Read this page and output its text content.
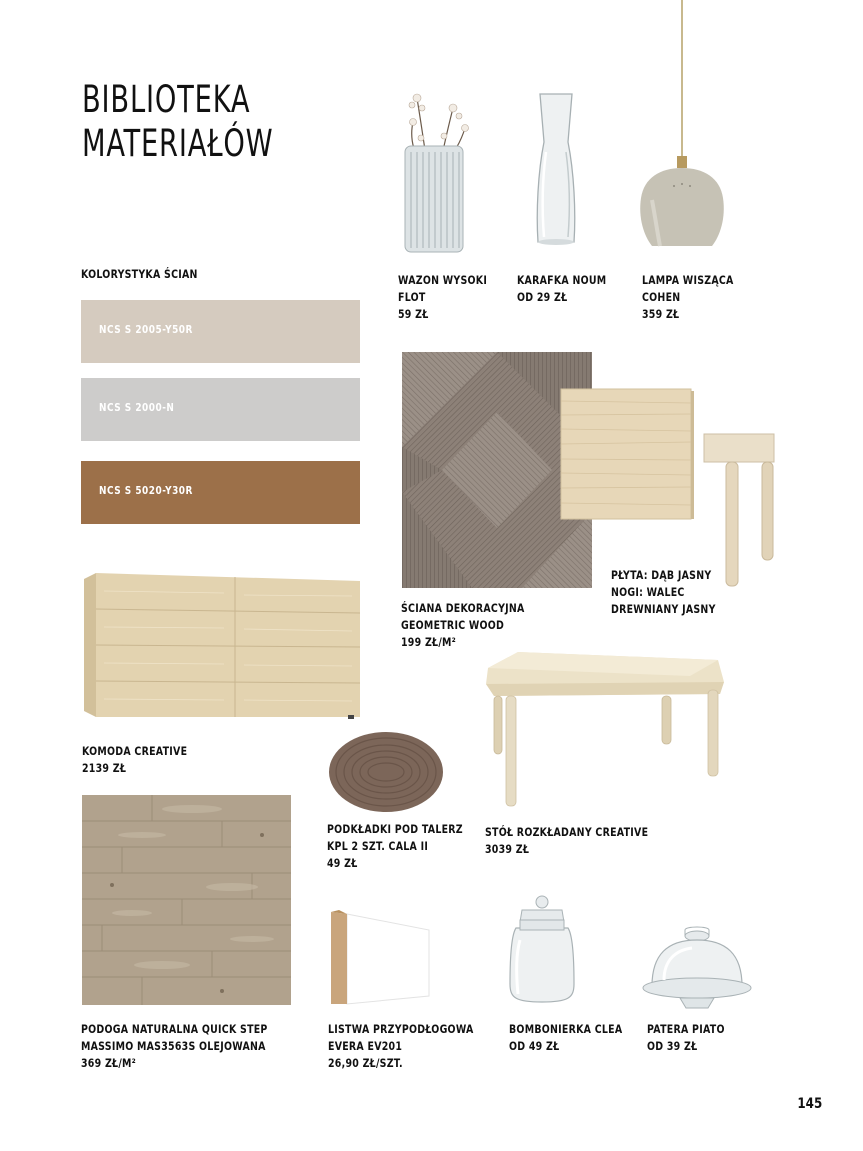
BIBLIOTEKA
MATERIAŁÓW
KOLORYSTYKA ŚCIAN
NCS S 2005-Y50R
NCS S 2000-N
NCS S 5020-Y30R
WAZON WYSOKI
FLOT
59 ZŁ
KARAFKA NOUM
OD 29 ZŁ
LAMPA WISZĄCA
COHEN
359 ZŁ
ŚCIANA DEKORACYJNA
GEOMETRIC WOOD
199 ZŁ/M²
PŁYTA: DĄB JASNY
NOGI: WALEC
DREWNIANY JASNY
KOMODA CREATIVE
2139 ZŁ
PODKŁADKI POD TALERZ
KPL 2 SZT. CALA II
49 ZŁ
STÓŁ ROZKŁADANY CREATIVE
3039 ZŁ
PODOGA NATURALNA QUICK STEP
MASSIMO MAS3563S OLEJOWANA
369 ZŁ/M²
LISTWA PRZYPODŁOGOWA
EVERA EV201
26,90 ZŁ/SZT.
BOMBONIERKA CLEA
OD 49 ZŁ
PATERA PIATO
OD 39 ZŁ
145
